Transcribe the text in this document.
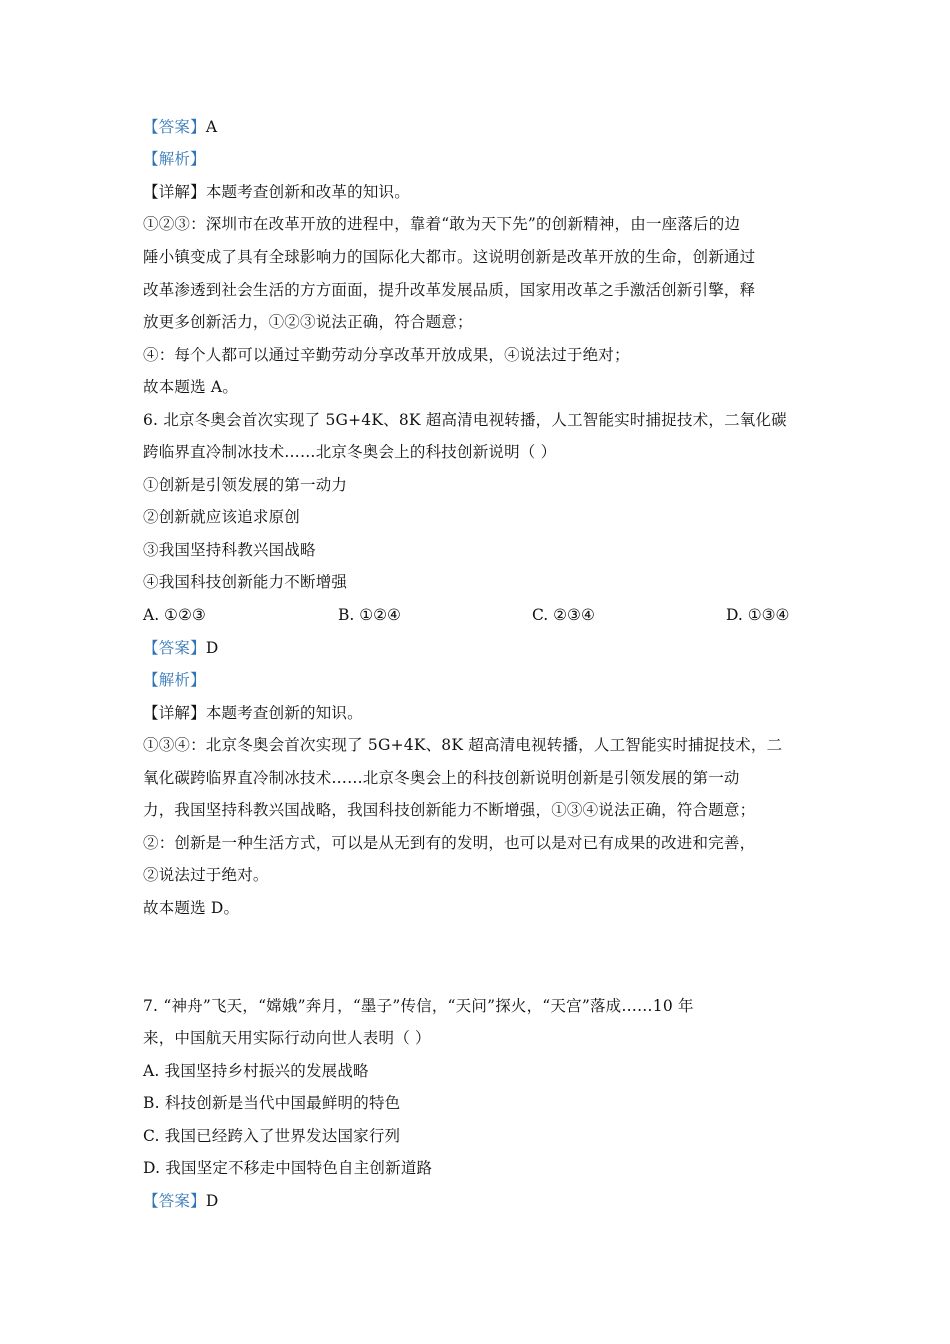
【答案】A
【解析】
【详解】本题考查创新和改革的知识。
①②③：深圳市在改革开放的进程中，靠着“敢为天下先”的创新精神，由一座落后的边
陲小镇变成了具有全球影响力的国际化大都市。这说明创新是改革开放的生命，创新通过
改革渗透到社会生活的方方面面，提升改革发展品质，国家用改革之手激活创新引擎，释
放更多创新活力，①②③说法正确，符合题意；
④：每个人都可以通过辛勤劳动分享改革开放成果，④说法过于绝对；
故本题选 A。
6. 北京冬奥会首次实现了 5G+4K、8K 超高清电视转播，人工智能实时捕捉技术，二氧化碳
跨临界直冷制冰技术……北京冬奥会上的科技创新说明（ ）
①创新是引领发展的第一动力
②创新就应该追求原创
③我国坚持科教兴国战略
④我国科技创新能力不断增强
A. ①②③	B. ①②④	C. ②③④	D. ①③④
【答案】D
【解析】
【详解】本题考查创新的知识。
①③④：北京冬奥会首次实现了 5G+4K、8K 超高清电视转播，人工智能实时捕捉技术，二
氧化碳跨临界直冷制冰技术……北京冬奥会上的科技创新说明创新是引领发展的第一动
力，我国坚持科教兴国战略，我国科技创新能力不断增强，①③④说法正确，符合题意；
②：创新是一种生活方式，可以是从无到有的发明，也可以是对已有成果的改进和完善，
②说法过于绝对。
故本题选 D。
7. “神舟”飞天，“嫦娥”奔月，“墨子”传信，“天问”探火，“天宫”落成……10 年
来，中国航天用实际行动向世人表明（ ）
A. 我国坚持乡村振兴的发展战略
B. 科技创新是当代中国最鲜明的特色
C. 我国已经跨入了世界发达国家行列
D. 我国坚定不移走中国特色自主创新道路
【答案】D
